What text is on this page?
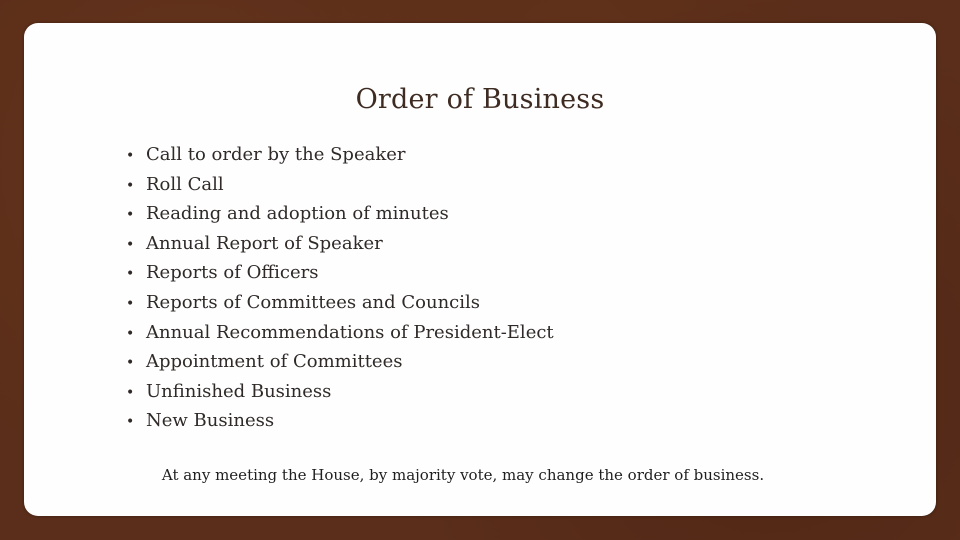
Order of Business
• Call to order by the Speaker
• Roll Call
• Reading and adoption of minutes
• Annual Report of Speaker
• Reports of Officers
• Reports of Committees and Councils
• Annual Recommendations of President-Elect
• Appointment of Committees
• Unfinished Business
• New Business
At any meeting the House, by majority vote, may change the order of business.
